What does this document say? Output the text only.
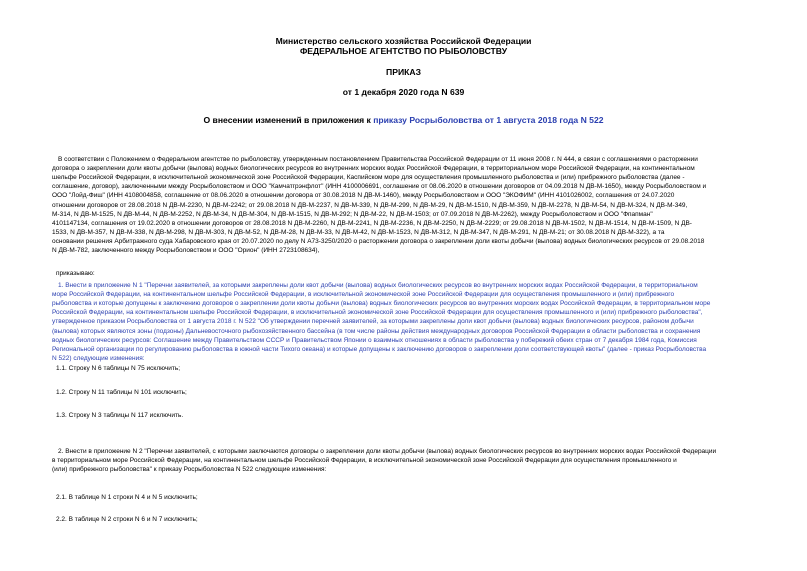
Министерство сельского хозяйства Российской Федерации
ФЕДЕРАЛЬНОЕ АГЕНТСТВО ПО РЫБОЛОВСТВУ
ПРИКАЗ
от 1 декабря 2020 года N 639
О внесении изменений в приложения к приказу Росрыболовства от 1 августа 2018 года N 522
В соответствии с Положением о Федеральном агентстве по рыболовству, утвержденным постановлением Правительства Российской Федерации от 11 июня 2008 г. N 444, в связи с соглашениями о расторжении
договора о закреплении доли квоты добычи (вылова) водных биологических ресурсов во внутренних морских водах Российской Федерации, в территориальном море Российской Федерации, на континентальном
шельфе Российской Федерации, в исключительной экономической зоне Российской Федерации, Каспийском море для осуществления промышленного рыболовства и (или) прибрежного рыболовства (далее -
соглашение, договор), заключенными между Росрыболовством и ООО "Камчатгрэнфлот" (ИНН 4100006691, соглашение от 08.06.2020 в отношении договоров от 04.09.2018 N ДВ-М-1650), между Росрыболовством и
ООО "Лойд-Фиш" (ИНН 4108004858, соглашение от 08.06.2020 в отношении договора от 30.08.2018 N ДВ-М-1460), между Росрыболовством и ООО "ЭКОФИМ" (ИНН 4101026002, соглашения от 24.07.2020
отношении договоров от 28.08.2018 N ДВ-М-2230, N ДВ-М-2242; от 29.08.2018 N ДВ-М-2237, N ДВ-М-339, N ДВ-М-299, N ДВ-М-29, N ДВ-М-1510, N ДВ-М-359, N ДВ-М-2278, N ДВ-М-54, N ДВ-М-324, N ДВ-М-349,
М-314, N ДВ-М-1525, N ДВ-М-44, N ДВ-М-2252, N ДВ-М-34, N ДВ-М-304, N ДВ-М-1515, N ДВ-М-292; N ДВ-М-22, N ДВ-М-1503; от 07.09.2018 N ДВ-М-2262), между Росрыболовством и ООО "Фпапман"
4101147134, соглашения от 19.02.2020 в отношении договоров от 28.08.2018 N ДВ-М-2260, N ДВ-М-2241, N ДВ-М-2236, N ДВ-М-2250, N ДВ-М-2229; от 29.08.2018 N ДВ-М-1502, N ДВ-М-1514, N ДВ-М-1509, N ДВ-
1533, N ДВ-М-357, N ДВ-М-338, N ДВ-М-298, N ДВ-М-303, N ДВ-М-52, N ДВ-М-28, N ДВ-М-33, N ДВ-М-42, N ДВ-М-1523, N ДВ-М-312, N ДВ-М-347, N ДВ-М-291, N ДВ-М-21; от 30.08.2018 N ДВ-М-322), а та
основании решения Арбитражного суда Хабаровского края от 20.07.2020 по делу N А73-3250/2020 о расторжении договора о закреплении доли квоты добычи (вылова) водных биологических ресурсов от 29.08.2018
N ДВ-М-782, заключенного между Росрыболовством и ООО "Орион" (ИНН 2723108634),
приказываю:
1. Внести в приложение N 1 "Перечни заявителей, за которыми закреплены доли квот добычи (вылова) водных биологических ресурсов во внутренних морских водах Российской Федерации, в территориальном
море Российской Федерации, на континентальном шельфе Российской Федерации, в исключительной экономической зоне Российской Федерации для осуществления промышленного и (или) прибрежного
рыболовства и которые допущены к заключению договоров о закреплении доли квоты добычи (вылова) водных биологических ресурсов во внутренних морских водах Российской Федерации, в территориальном море
Российской Федерации, на континентальном шельфе Российской Федерации, в исключительной экономической зоне Российской Федерации для осуществления промышленного и (или) прибрежного рыболовства",
утвержденное приказом Росрыболовства от 1 августа 2018 г. N 522 "Об утверждении перечней заявителей, за которыми закреплены доли квот добычи (вылова) водных биологических ресурсов, районом добычи
(вылова) которых являются зоны (подзоны) Дальневосточного рыбохозяйственного бассейна (в том числе районы действия международных договоров Российской Федерации в области рыболовства и сохранения
водных биологических ресурсов: Соглашение между Правительством СССР и Правительством Японии о взаимных отношениях в области рыболовства у побережий обеих стран от 7 декабря 1984 года, Комиссия
Региональной организации по регулированию рыболовства в южной части Тихого океана) и которые допущены к заключению договоров о закреплении доли соответствующей квоты" (далее - приказ Росрыболовства
N 522) следующие изменения:
1.1. Строку N 6 таблицы N 75 исключить;
1.2. Строку N 11 таблицы N 101 исключить;
1.3. Строку N 3 таблицы N 117 исключить.
2. Внести в приложение N 2 "Перечни заявителей, с которыми заключаются договоры о закреплении доли квоты добычи (вылова) водных биологических ресурсов во внутренних морских водах Российской Федерации
в территориальном море Российской Федерации, на континентальном шельфе Российской Федерации, в исключительной экономической зоне Российской Федерации для осуществления промышленного и
(или) прибрежного рыболовства" к приказу Росрыболовства N 522 следующие изменения:
2.1. В таблице N 1 строки N 4 и N 5 исключить;
2.2. В таблице N 2 строки N 6 и N 7 исключить;
